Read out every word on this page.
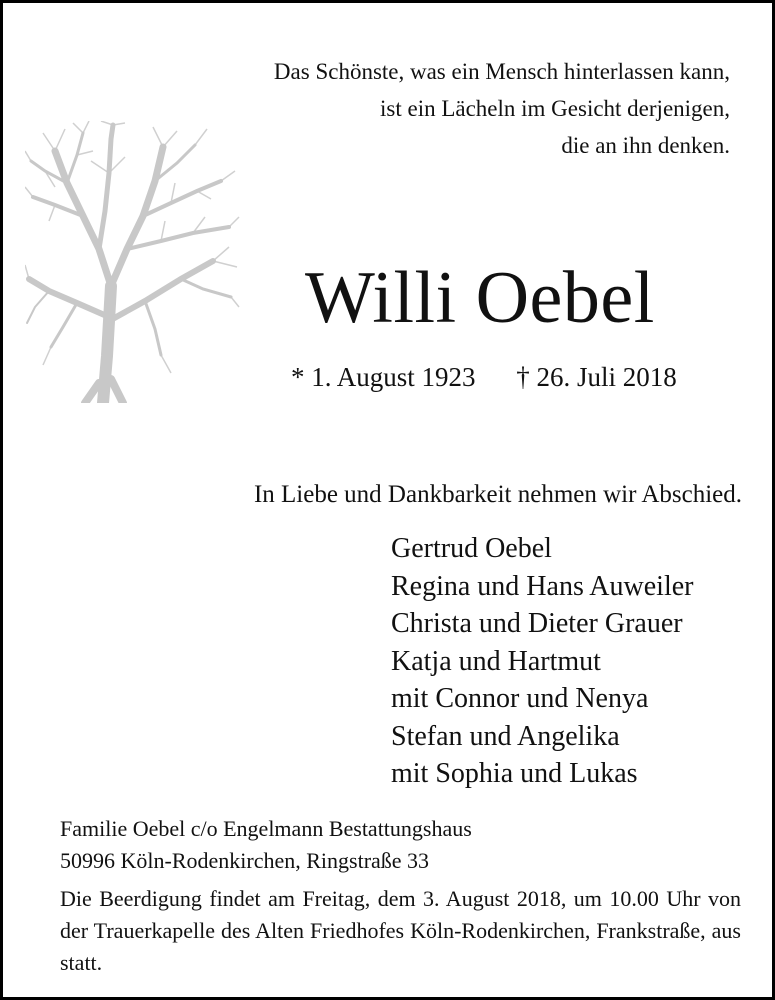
Das Schönste, was ein Mensch hinterlassen kann,
ist ein Lächeln im Gesicht derjenigen,
die an ihn denken.
Willi Oebel
* 1. August 1923 † 26. Juli 2018
In Liebe und Dankbarkeit nehmen wir Abschied.
Gertrud Oebel
Regina und Hans Auweiler
Christa und Dieter Grauer
Katja und Hartmut
mit Connor und Nenya
Stefan und Angelika
mit Sophia und Lukas
Familie Oebel c/o Engelmann Bestattungshaus
50996 Köln-Rodenkirchen, Ringstraße 33
Die Beerdigung findet am Freitag, dem 3. August 2018, um 10.00 Uhr von der Trauerkapelle des Alten Friedhofes Köln-Rodenkirchen, Frankstraße, aus statt.
